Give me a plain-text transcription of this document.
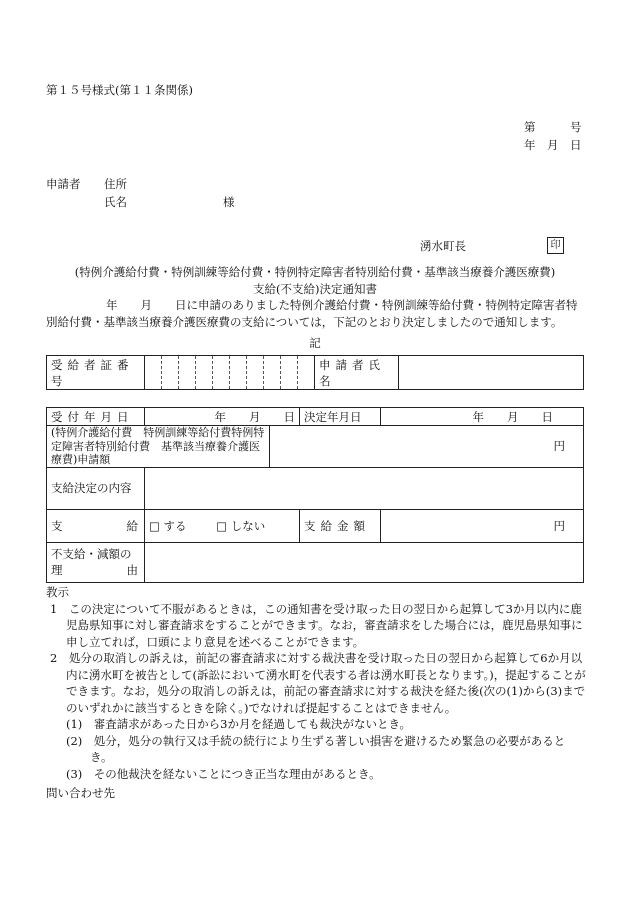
第１５号様式(第１１条関係)
第　　　号
年　月　日
申請者 住所
氏名	様
湧水町長	印
(特例介護給付費・特例訓練等給付費・特例特定障害者特別給付費・基準該当療養介護医療費)
支給(不支給)決定通知書
年　　月　　日に申請のありました特例介護給付費・特例訓練等給付費・特例特定障害者特
別給付費・基準該当療養介護医療費の支給については，下記のとおり決定しましたので通知します。
記
受給者証番号											申請者氏名	
受付年月日	年　　月　　日		決定年月日	年　　月　　日
(特例介護給付費　特例訓練等給付費特例特定障害者特別給付費　基準該当療養介護医療費)申請額		円		
支給決定の内容				
支 給	□ する □ しない		支給金額	円

不支給・減額の
理 由				

教示

1　この決定について不服があるときは，この通知書を受け取った日の翌日から起算して3か月以内に鹿児島県知事に対し審査請求をすることができます。なお，審査請求をした場合には，鹿児島県知事に申し立てれば，口頭により意見を述べることができます。

2　処分の取消しの訴えは，前記の審査請求に対する裁決書を受け取った日の翌日から起算して6か月以内に湧水町を被告として(訴訟において湧水町を代表する者は湧水町長となります。)，提起することができます。なお，処分の取消しの訴えは，前記の審査請求に対する裁決を経た後(次の(1)から(3)までのいずれかに該当するときを除く。)でなければ提起することはできません。

(1)　審査請求があった日から3か月を経過しても裁決がないとき。

(2)　処分，処分の執行又は手続の続行により生ずる著しい損害を避けるため緊急の必要があるとき。

(3)　その他裁決を経ないことにつき正当な理由があるとき。

問い合わせ先
